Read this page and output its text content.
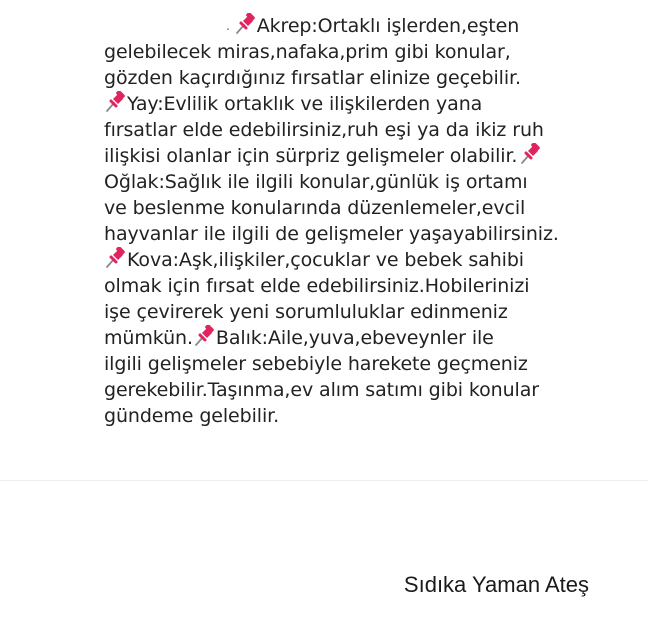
. Akrep:Ortaklı işlerden,eşten
gelebilecek miras,nafaka,prim gibi konular,
gözden kaçırdığınız fırsatlar elinize geçebilir.
Yay:Evlilik ortaklık ve ilişkilerden yana
fırsatlar elde edebilirsiniz,ruh eşi ya da ikiz ruh
ilişkisi olanlar için sürpriz gelişmeler olabilir.
Oğlak:Sağlık ile ilgili konular,günlük iş ortamı
ve beslenme konularında düzenlemeler,evcil
hayvanlar ile ilgili de gelişmeler yaşayabilirsiniz.
Kova:Aşk,ilişkiler,çocuklar ve bebek sahibi
olmak için fırsat elde edebilirsiniz.Hobilerinizi
işe çevirerek yeni sorumluluklar edinmeniz
mümkün. Balık:Aile,yuva,ebeveynler ile
ilgili gelişmeler sebebiyle harekete geçmeniz
gerekebilir.Taşınma,ev alım satımı gibi konular
gündeme gelebilir.
Sıdıka Yaman Ateş
